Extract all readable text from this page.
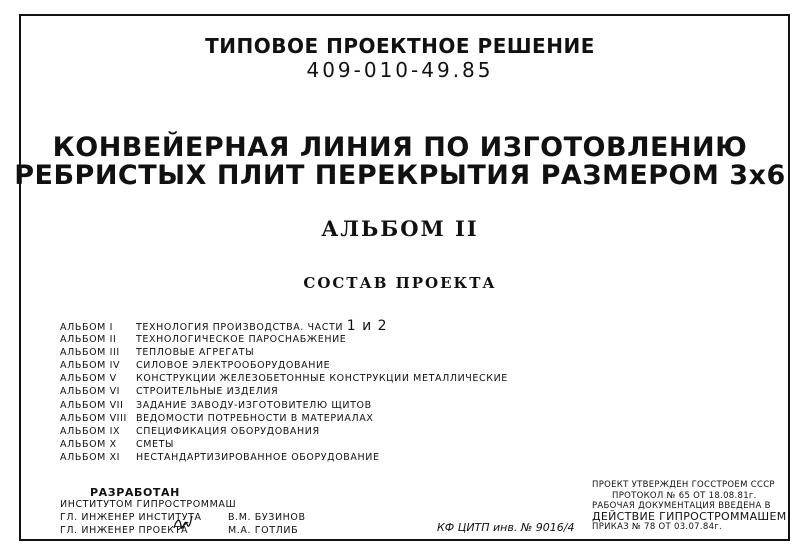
ТИПОВОЕ ПРОЕКТНОЕ РЕШЕНИЕ
409-010-49.85
КОНВЕЙЕРНАЯ ЛИНИЯ ПО ИЗГОТОВЛЕНИЮ
РЕБРИСТЫХ ПЛИТ ПЕРЕКРЫТИЯ РАЗМЕРОМ 3х6
АЛЬБОМ II
СОСТАВ ПРОЕКТА
АЛЬБОМ I ТЕХНОЛОГИЯ ПРОИЗВОДСТВА. ЧАСТИ 1 и 2
АЛЬБОМ II ТЕХНОЛОГИЧЕСКОЕ ПАРОСНАБЖЕНИЕ
АЛЬБОМ III ТЕПЛОВЫЕ АГРЕГАТЫ
АЛЬБОМ IV СИЛОВОЕ ЭЛЕКТРООБОРУДОВАНИЕ
АЛЬБОМ V КОНСТРУКЦИИ ЖЕЛЕЗОБЕТОННЫЕ КОНСТРУКЦИИ МЕТАЛЛИЧЕСКИЕ
АЛЬБОМ VI СТРОИТЕЛЬНЫЕ ИЗДЕЛИЯ
АЛЬБОМ VII ЗАДАНИЕ ЗАВОДУ-ИЗГОТОВИТЕЛЮ ЩИТОВ
АЛЬБОМ VIII ВЕДОМОСТИ ПОТРЕБНОСТИ В МАТЕРИАЛАХ
АЛЬБОМ IX СПЕЦИФИКАЦИЯ ОБОРУДОВАНИЯ
АЛЬБОМ X СМЕТЫ
АЛЬБОМ XI НЕСТАНДАРТИЗИРОВАННОЕ ОБОРУДОВАНИЕ
РАЗРАБОТАН
ИНСТИТУТОМ ГИПРОСТРОММАШ
ГЛ. ИНЖЕНЕР ИНСТИТУТА	В.М. БУЗИНОВ
ГЛ. ИНЖЕНЕР ПРОЕКТА	М.А. ГОТЛИБ	КФ ЦИТП инв. № 9016/4
ПРОЕКТ УТВЕРЖДЕН ГОССТРОЕМ СССР
ПРОТОКОЛ № 65 ОТ 18.08.81г.
РАБОЧАЯ ДОКУМЕНТАЦИЯ ВВЕДЕНА В
ДЕЙСТВИЕ ГИПРОСТРОММАШЕМ
ПРИКАЗ № 78 ОТ 03.07.84г.
